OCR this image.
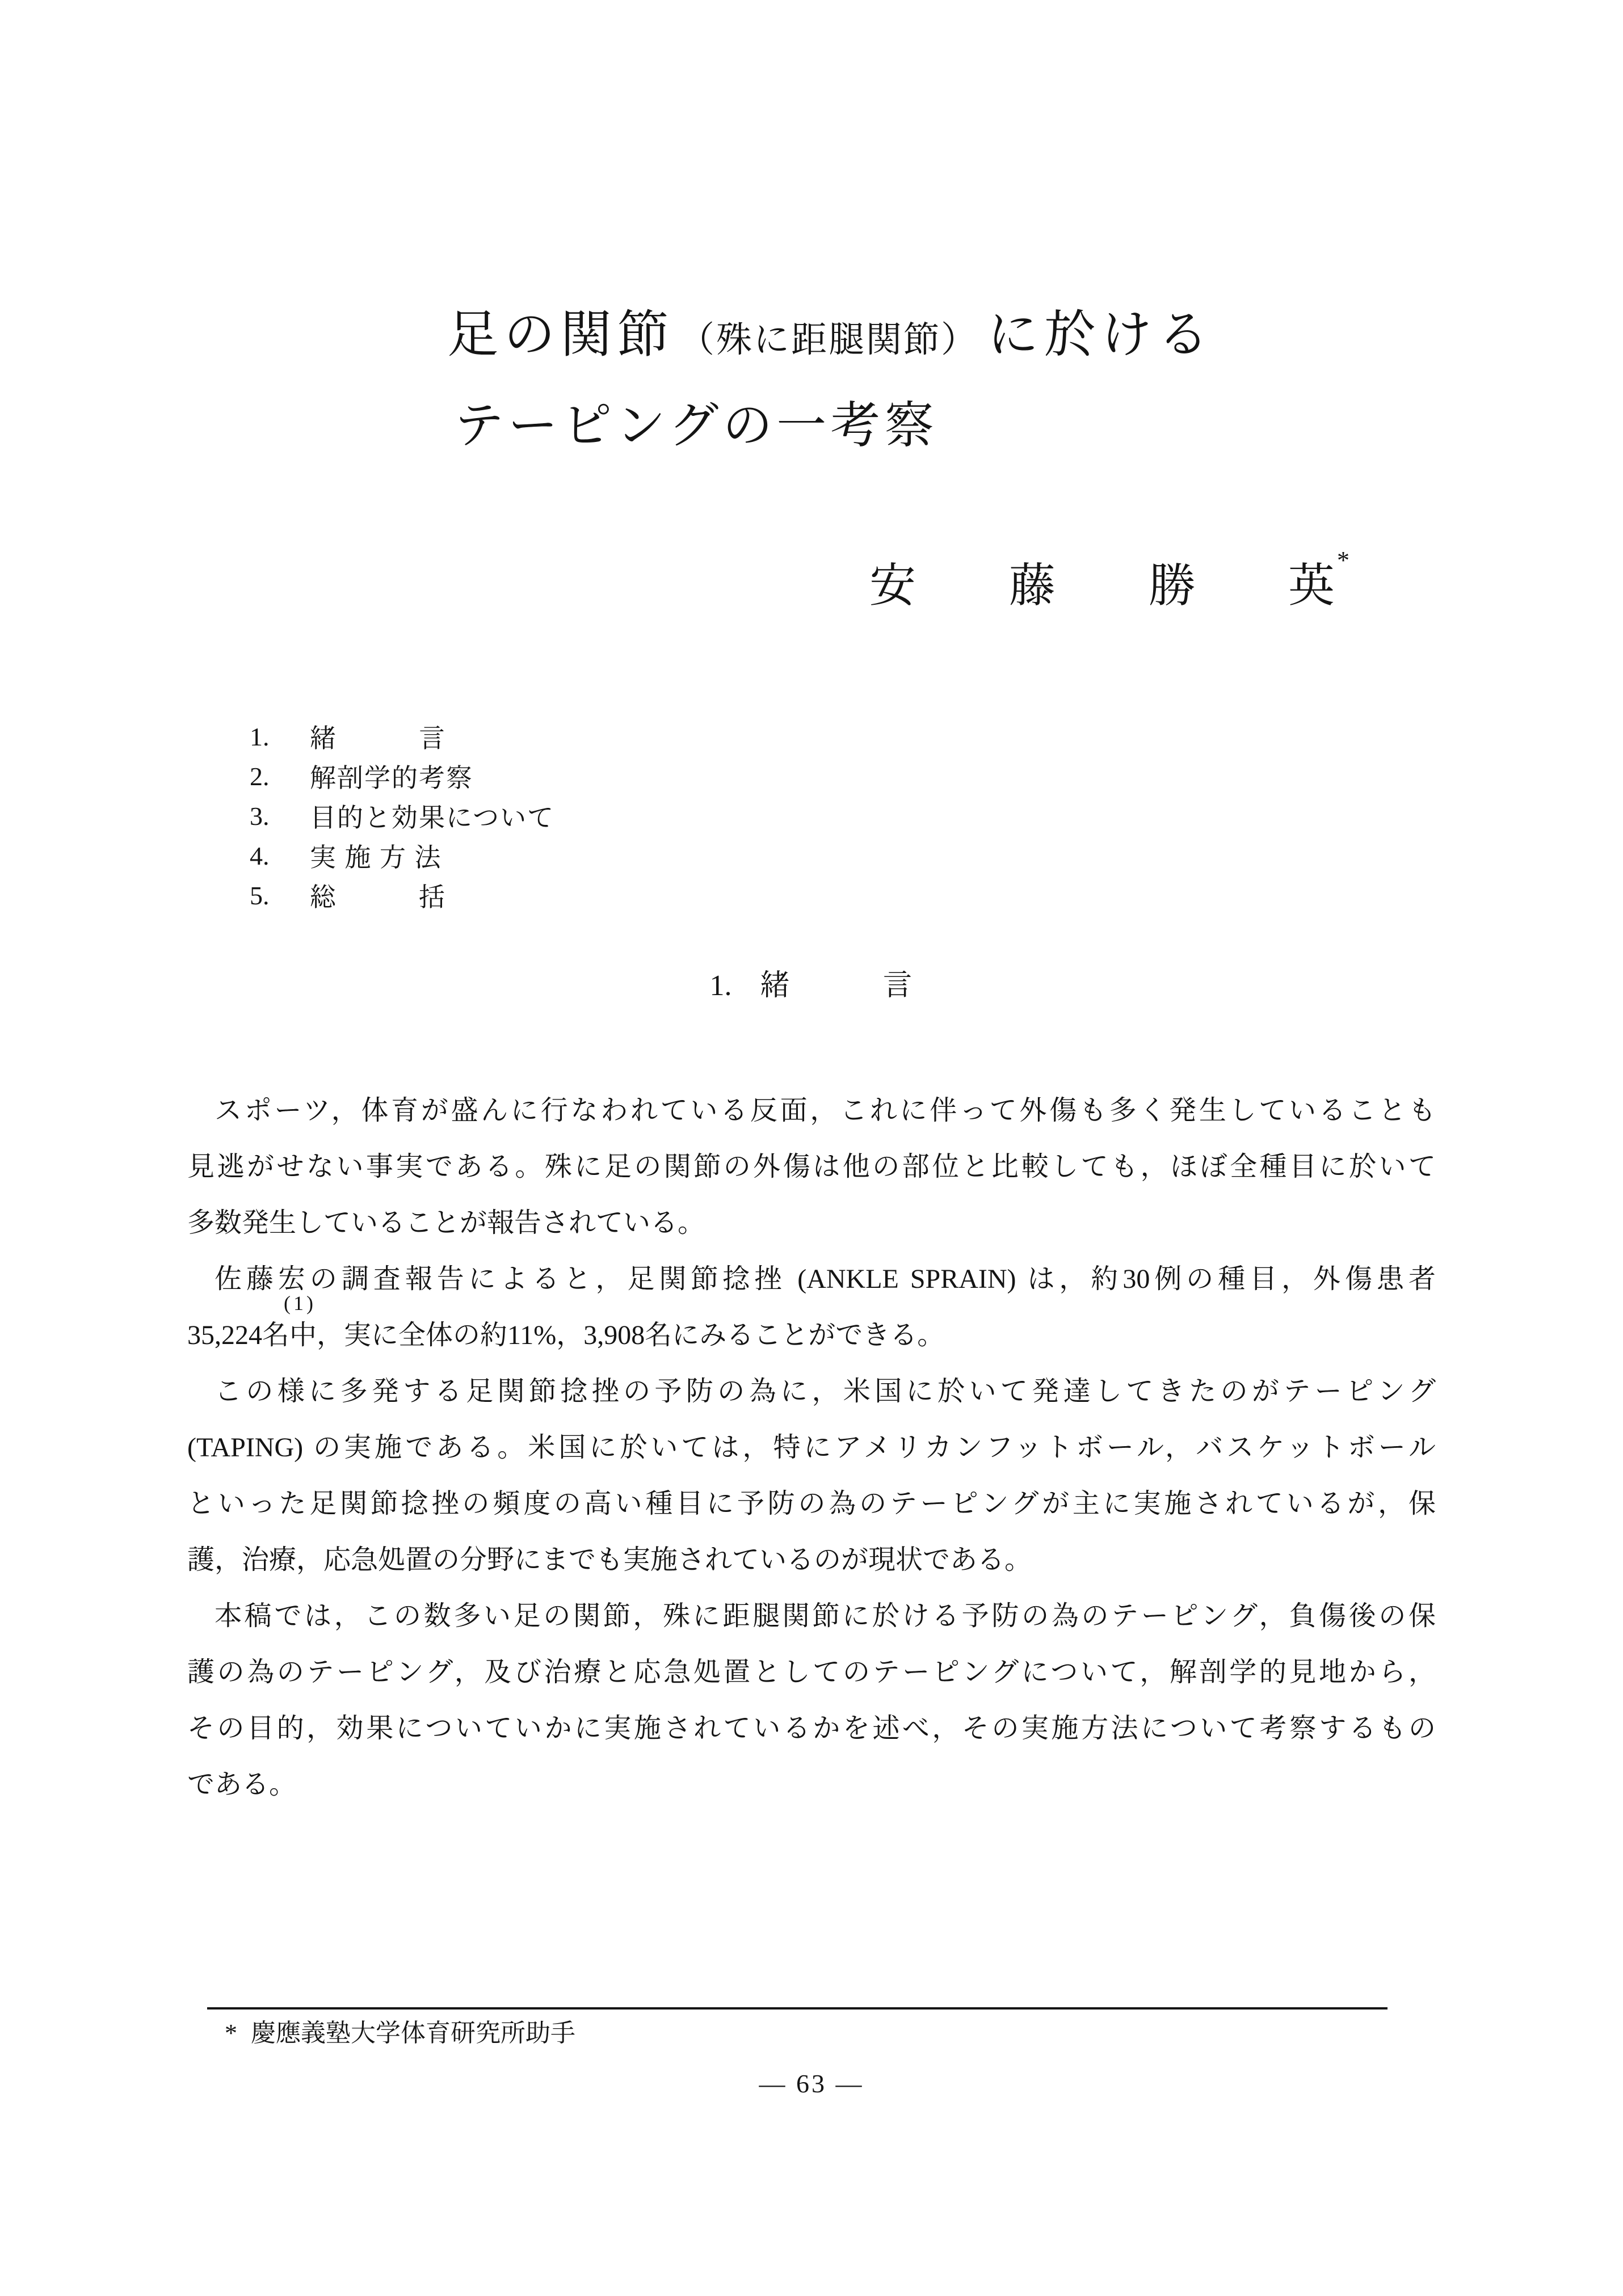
足の関節 （殊に距腿関節） に於ける
テーピングの一考察
安　　藤　　勝　　英*
1.	緒　　　言
2.	解剖学的考察
3.	目的と効果について
4.	実 施 方 法
5.	総　　　括
1. 緒　　　言
スポーツ，体育が盛んに行なわれている反面，これに伴って外傷も多く発生していることも
見逃がせない事実である。殊に足の関節の外傷は他の部位と比較しても，ほぼ全種目に於いて
多数発生していることが報告されている。
佐藤宏の調査報告によると，足関節捻挫 (ANKLE SPRAIN) は，約30例の種目，外傷患者
(1)
35,224名中，実に全体の約11%，3,908名にみることができる。
この様に多発する足関節捻挫の予防の為に，米国に於いて発達してきたのがテーピング
(TAPING) の実施である。米国に於いては，特にアメリカンフットボール，バスケットボール
といった足関節捻挫の頻度の高い種目に予防の為のテーピングが主に実施されているが，保
護，治療，応急処置の分野にまでも実施されているのが現状である。
本稿では，この数多い足の関節，殊に距腿関節に於ける予防の為のテーピング，負傷後の保
護の為のテーピング，及び治療と応急処置としてのテーピングについて，解剖学的見地から，
その目的，効果についていかに実施されているかを述べ，その実施方法について考察するもの
である。
* 慶應義塾大学体育研究所助手
— 63 —
